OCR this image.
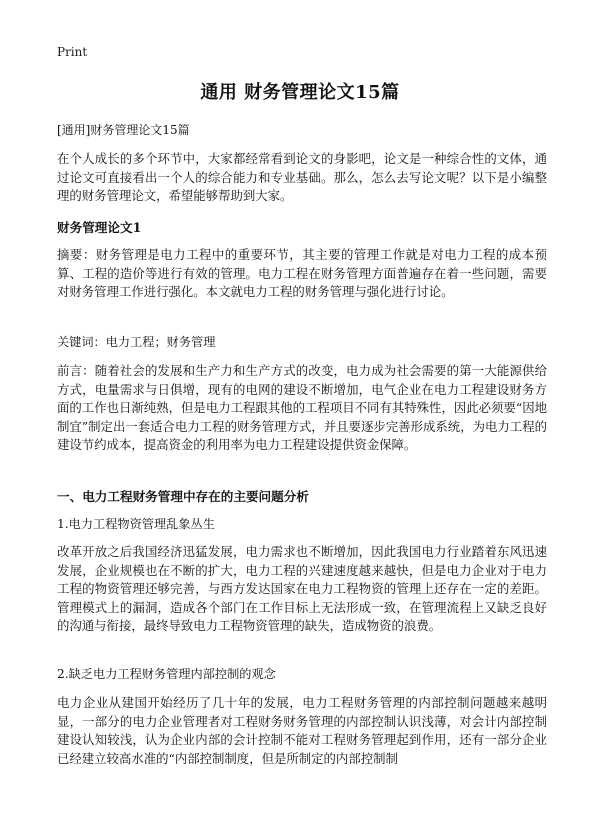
Print
通用 财务管理论文15篇
[通用]财务管理论文15篇

在个人成长的多个环节中，大家都经常看到论文的身影吧，论文是一种综合性的文体，通过论文可直接看出一个人的综合能力和专业基础。那么，怎么去写论文呢？以下是小编整理的财务管理论文，希望能够帮助到大家。

财务管理论文1

摘要：财务管理是电力工程中的重要环节，其主要的管理工作就是对电力工程的成本预算、工程的造价等进行有效的管理。电力工程在财务管理方面普遍存在着一些问题，需要对财务管理工作进行强化。本文就电力工程的财务管理与强化进行讨论。

关键词：电力工程；财务管理

前言：随着社会的发展和生产力和生产方式的改变，电力成为社会需要的第一大能源供给方式，电量需求与日俱增，现有的电网的建设不断增加，电气企业在电力工程建设财务方面的工作也日渐纯熟，但是电力工程跟其他的工程项目不同有其特殊性，因此必须要“因地制宜”制定出一套适合电力工程的财务管理方式，并且要逐步完善形成系统，为电力工程的建设节约成本，提高资金的利用率为电力工程建设提供资金保障。

一、电力工程财务管理中存在的主要问题分析
1.电力工程物资管理乱象丛生

改革开放之后我国经济迅猛发展，电力需求也不断增加，因此我国电力行业踏着东风迅速发展，企业规模也在不断的扩大，电力工程的兴建速度越来越快，但是电力企业对于电力工程的物资管理还够完善，与西方发达国家在电力工程物资的管理上还存在一定的差距。管理模式上的漏洞，造成各个部门在工作目标上无法形成一致，在管理流程上又缺乏良好的沟通与衔接，最终导致电力工程物资管理的缺失，造成物资的浪费。

2.缺乏电力工程财务管理内部控制的观念

电力企业从建国开始经历了几十年的发展，电力工程财务管理的内部控制问题越来越明显，一部分的电力企业管理者对工程财务财务管理的内部控制认识浅薄，对会计内部控制建设认知较浅，认为企业内部的会计控制不能对工程财务管理起到作用，还有一部分企业已经建立较高水准的“内部控制制度，但是所制定的内部控制制
